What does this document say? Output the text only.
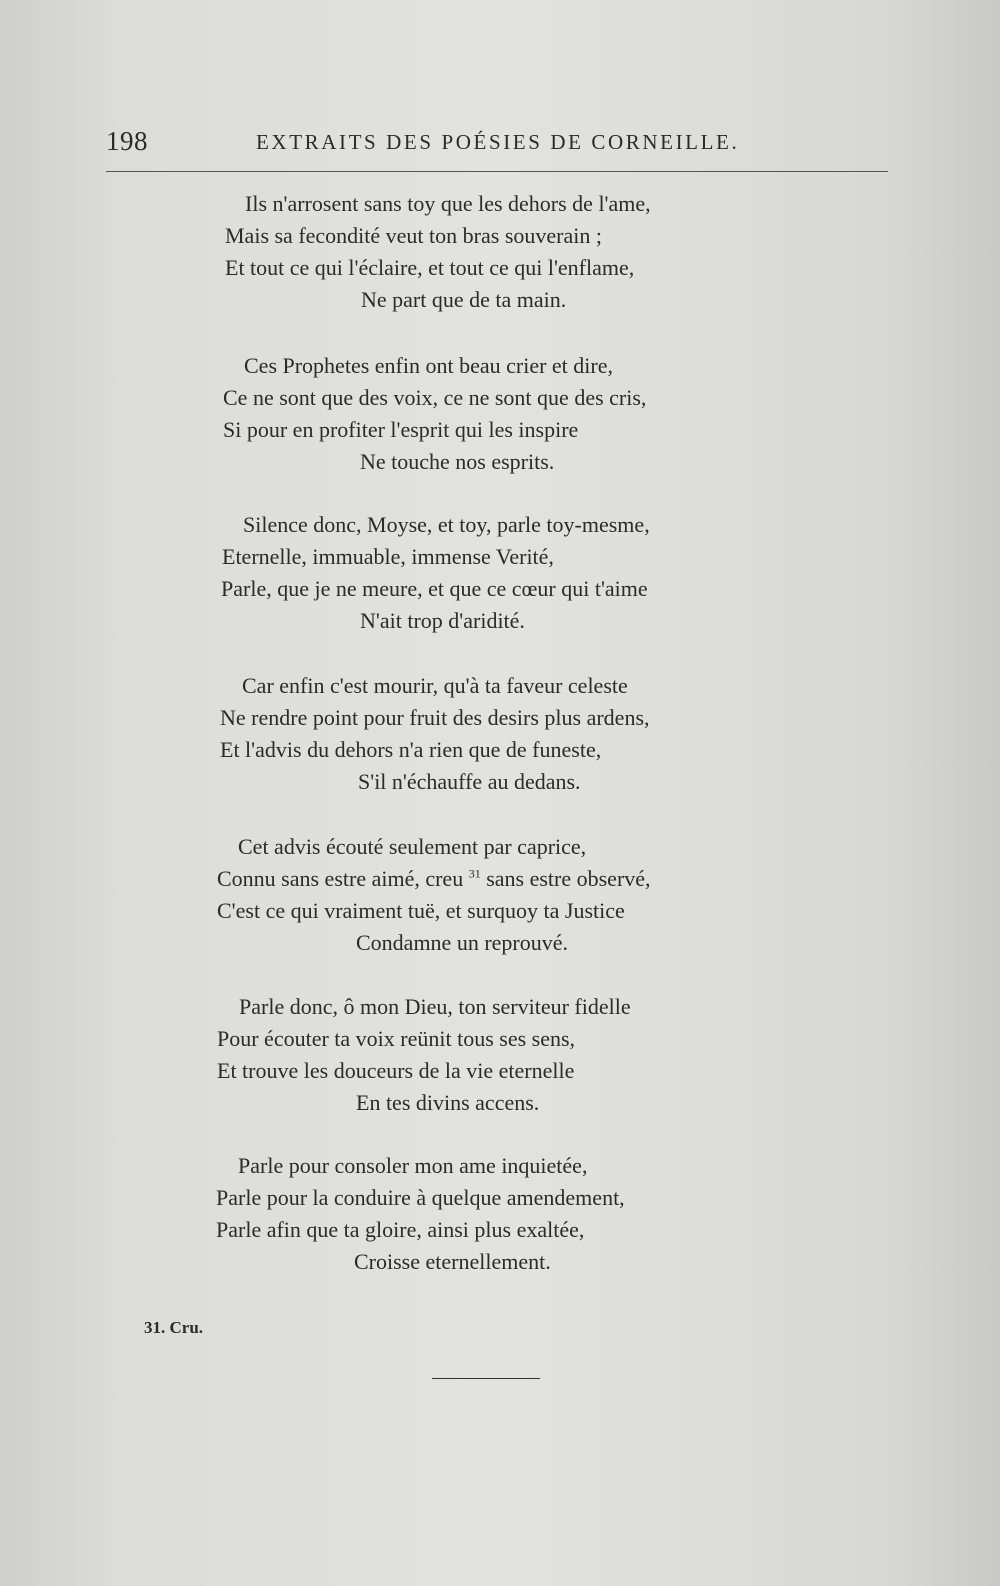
198	EXTRAITS DES POÉSIES DE CORNEILLE.
Ils n'arrosent sans toy que les dehors de l'ame,
Mais sa fecondité veut ton bras souverain ;
Et tout ce qui l'éclaire, et tout ce qui l'enflame,
Ne part que de ta main.
Ces Prophetes enfin ont beau crier et dire,
Ce ne sont que des voix, ce ne sont que des cris,
Si pour en profiter l'esprit qui les inspire
Ne touche nos esprits.
Silence donc, Moyse, et toy, parle toy-mesme,
Eternelle, immuable, immense Verité,
Parle, que je ne meure, et que ce cœur qui t'aime
N'ait trop d'aridité.
Car enfin c'est mourir, qu'à ta faveur celeste
Ne rendre point pour fruit des desirs plus ardens,
Et l'advis du dehors n'a rien que de funeste,
S'il n'échauffe au dedans.
Cet advis écouté seulement par caprice,
Connu sans estre aimé, creu $^{31}$ sans estre observé,
C'est ce qui vraiment tuë, et surquoy ta Justice
Condamne un reprouvé.
Parle donc, ô mon Dieu, ton serviteur fidelle
Pour écouter ta voix reünit tous ses sens,
Et trouve les douceurs de la vie eternelle
En tes divins accens.
Parle pour consoler mon ame inquietée,
Parle pour la conduire à quelque amendement,
Parle afin que ta gloire, ainsi plus exaltée,
Croisse eternellement.
31. Cru.
